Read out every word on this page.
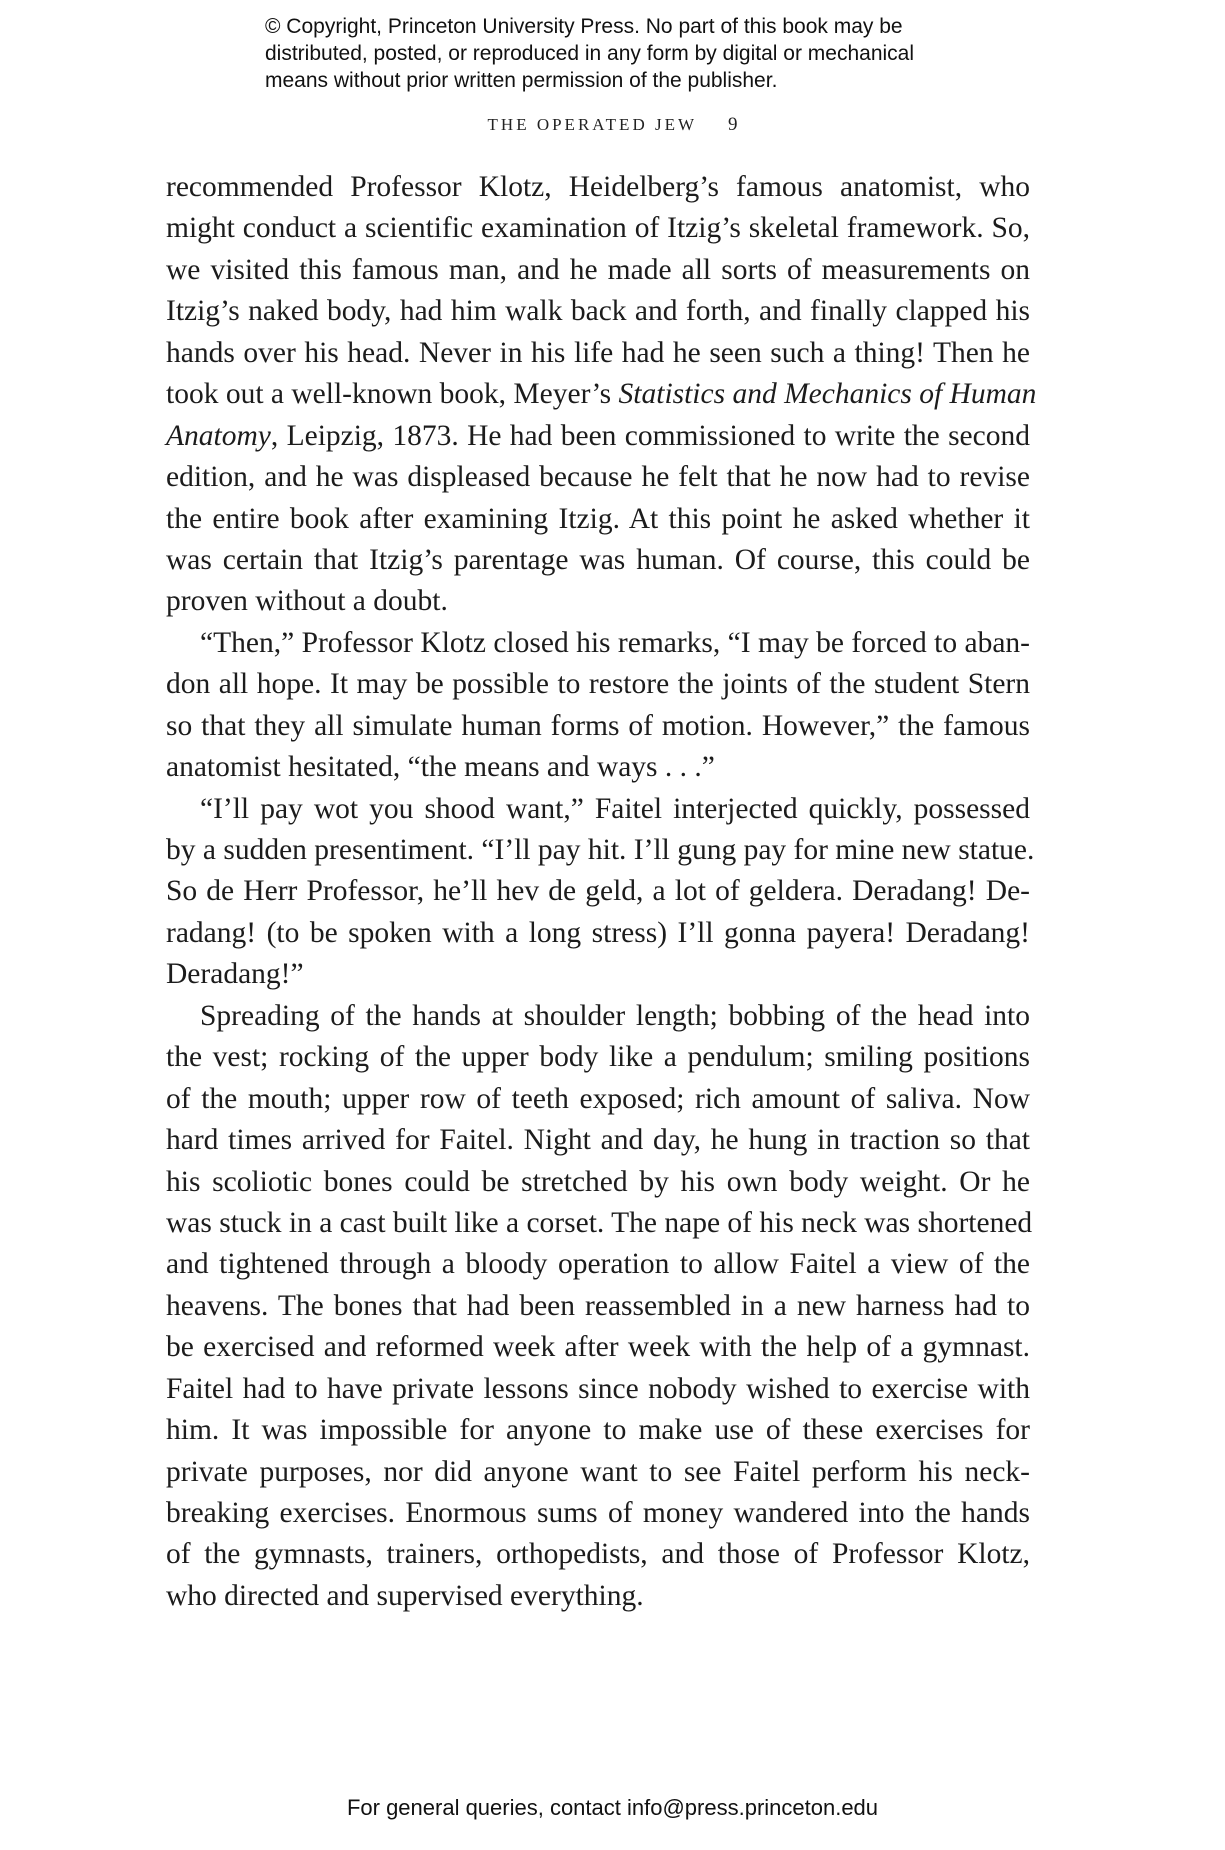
© Copyright, Princeton University Press. No part of this book may be
distributed, posted, or reproduced in any form by digital or mechanical
means without prior written permission of the publisher.
THE OPERATED JEW 9
recommended Professor Klotz, Heidelberg’s famous anatomist, who
might conduct a scientific examination of Itzig’s skeletal framework. So,
we visited this famous man, and he made all sorts of measurements on
Itzig’s naked body, had him walk back and forth, and finally clapped his
hands over his head. Never in his life had he seen such a thing! Then he
took out a well-known book, Meyer’s Statistics and Mechanics of Human
Anatomy, Leipzig, 1873. He had been commissioned to write the second
edition, and he was displeased because he felt that he now had to revise
the entire book after examining Itzig. At this point he asked whether it
was certain that Itzig’s parentage was human. Of course, this could be
proven without a doubt.
“Then,” Professor Klotz closed his remarks, “I may be forced to aban-
don all hope. It may be possible to restore the joints of the student Stern
so that they all simulate human forms of motion. However,” the famous
anatomist hesitated, “the means and ways . . .”
“I’ll pay wot you shood want,” Faitel interjected quickly, possessed
by a sudden presentiment. “I’ll pay hit. I’ll gung pay for mine new statue.
So de Herr Professor, he’ll hev de geld, a lot of geldera. Deradang! De-
radang! (to be spoken with a long stress) I’ll gonna payera! Deradang!
Deradang!”
Spreading of the hands at shoulder length; bobbing of the head into
the vest; rocking of the upper body like a pendulum; smiling positions
of the mouth; upper row of teeth exposed; rich amount of saliva. Now
hard times arrived for Faitel. Night and day, he hung in traction so that
his scoliotic bones could be stretched by his own body weight. Or he
was stuck in a cast built like a corset. The nape of his neck was shortened
and tightened through a bloody operation to allow Faitel a view of the
heavens. The bones that had been reassembled in a new harness had to
be exercised and reformed week after week with the help of a gymnast.
Faitel had to have private lessons since nobody wished to exercise with
him. It was impossible for anyone to make use of these exercises for
private purposes, nor did anyone want to see Faitel perform his neck-
breaking exercises. Enormous sums of money wandered into the hands
of the gymnasts, trainers, orthopedists, and those of Professor Klotz,
who directed and supervised everything.
For general queries, contact info@press.princeton.edu
